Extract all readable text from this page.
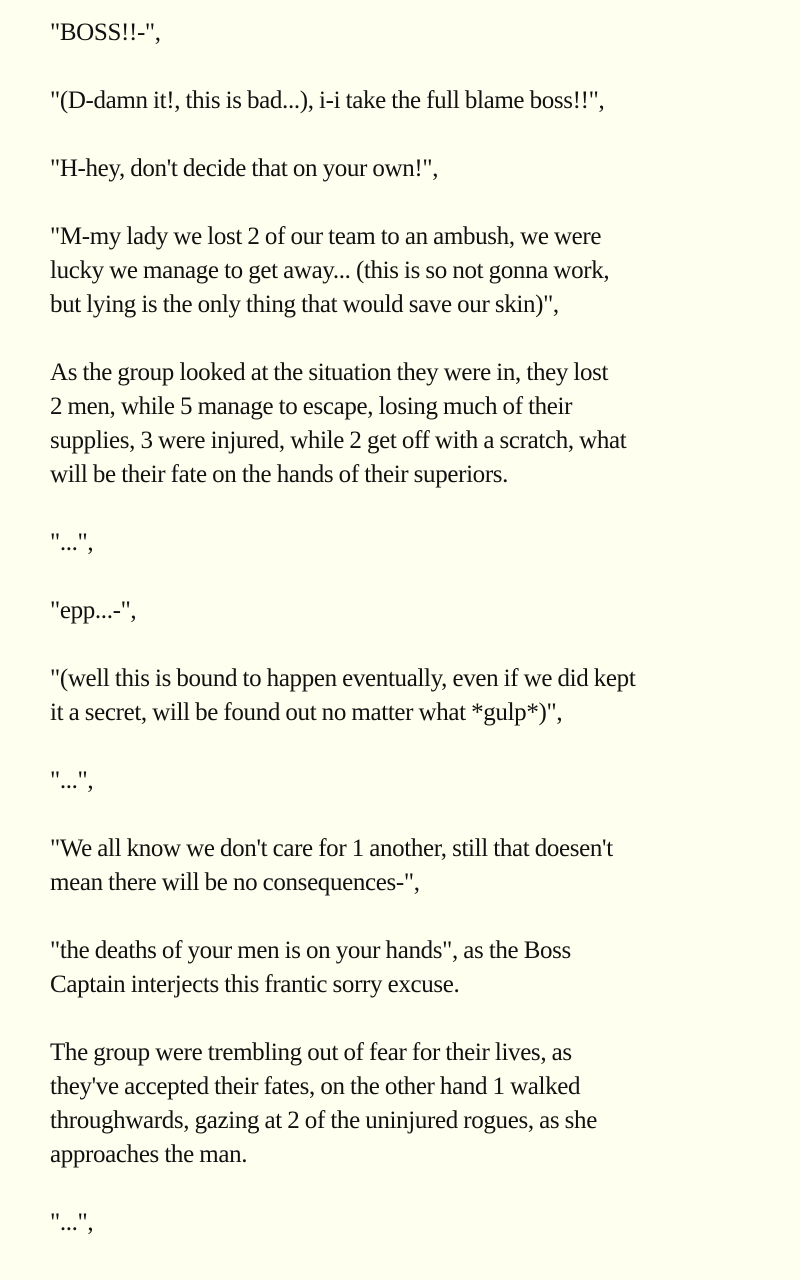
"BOSS!!-",

"(D-damn it!, this is bad...), i-i take the full blame boss!!",

"H-hey, don't decide that on your own!",

"M-my lady we lost 2 of our team to an ambush, we were
lucky we manage to get away... (this is so not gonna work,
but lying is the only thing that would save our skin)",

As the group looked at the situation they were in, they lost
2 men, while 5 manage to escape, losing much of their
supplies, 3 were injured, while 2 get off with a scratch, what
will be their fate on the hands of their superiors.

"...",

"epp...-",

"(well this is bound to happen eventually, even if we did kept
it a secret, will be found out no matter what *gulp*)",

"...",

"We all know we don't care for 1 another, still that doesen't
mean there will be no consequences-",

"the deaths of your men is on your hands", as the Boss
Captain interjects this frantic sorry excuse.

The group were trembling out of fear for their lives, as
they've accepted their fates, on the other hand 1 walked
throughwards, gazing at 2 of the uninjured rogues, as she
approaches the man.

"...",
